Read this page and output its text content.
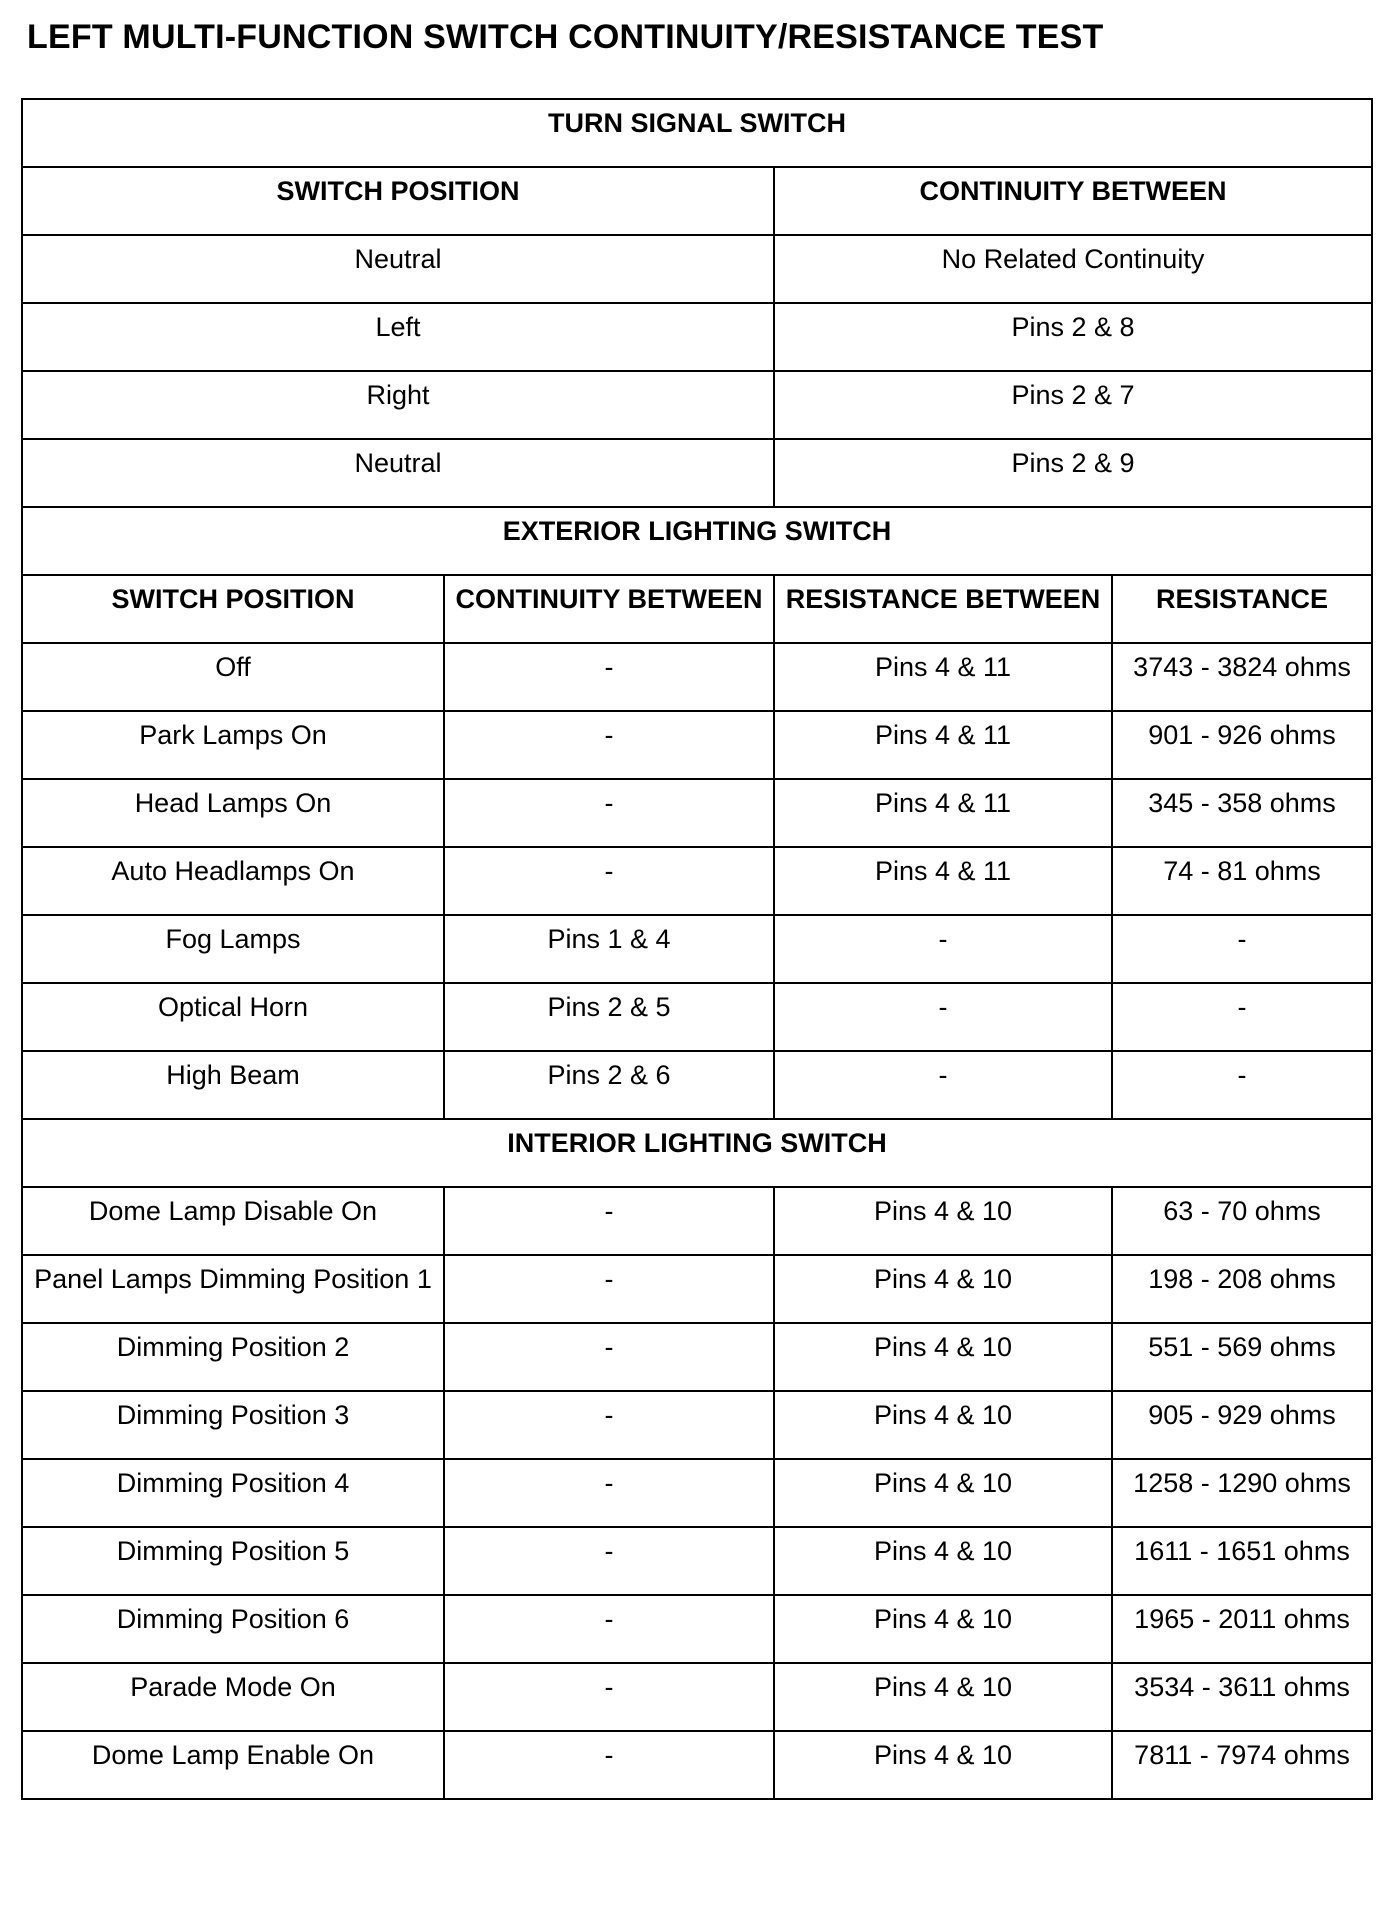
LEFT MULTI-FUNCTION SWITCH CONTINUITY/RESISTANCE TEST
TURN SIGNAL SWITCH			
SWITCH POSITION		CONTINUITY BETWEEN	
Neutral		No Related Continuity	
Left		Pins 2 & 8	
Right		Pins 2 & 7	
Neutral		Pins 2 & 9	
EXTERIOR LIGHTING SWITCH			
SWITCH POSITION	CONTINUITY BETWEEN	RESISTANCE BETWEEN	RESISTANCE
Off	-	Pins 4 & 11	3743 - 3824 ohms
Park Lamps On	-	Pins 4 & 11	901 - 926 ohms
Head Lamps On	-	Pins 4 & 11	345 - 358 ohms
Auto Headlamps On	-	Pins 4 & 11	74 - 81 ohms
Fog Lamps	Pins 1 & 4	-	-
Optical Horn	Pins 2 & 5	-	-
High Beam	Pins 2 & 6	-	-
INTERIOR LIGHTING SWITCH			
Dome Lamp Disable On	-	Pins 4 & 10	63 - 70 ohms
Panel Lamps Dimming Position 1	-	Pins 4 & 10	198 - 208 ohms
Dimming Position 2	-	Pins 4 & 10	551 - 569 ohms
Dimming Position 3	-	Pins 4 & 10	905 - 929 ohms
Dimming Position 4	-	Pins 4 & 10	1258 - 1290 ohms
Dimming Position 5	-	Pins 4 & 10	1611 - 1651 ohms
Dimming Position 6	-	Pins 4 & 10	1965 - 2011 ohms
Parade Mode On	-	Pins 4 & 10	3534 - 3611 ohms
Dome Lamp Enable On	-	Pins 4 & 10	7811 - 7974 ohms
